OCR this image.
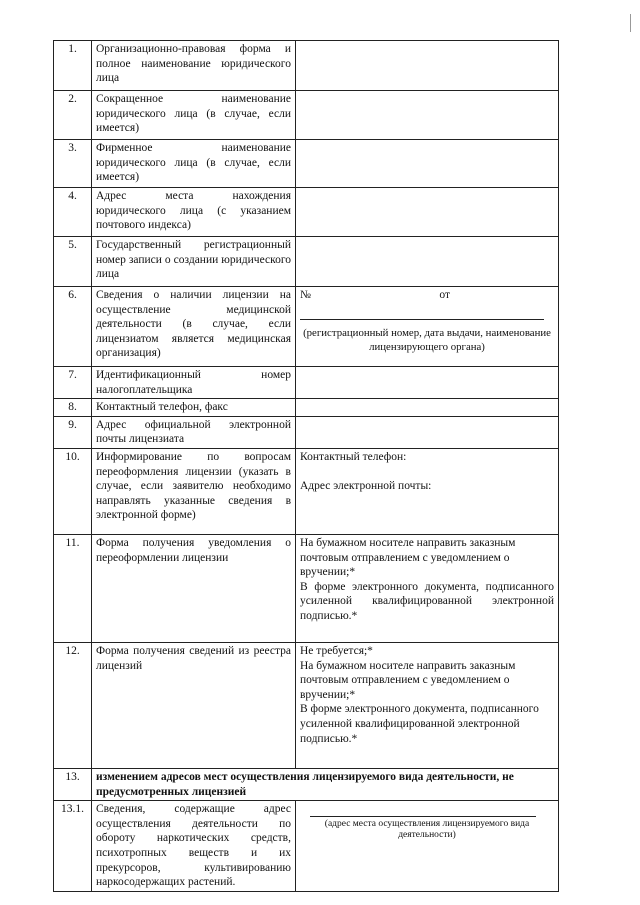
1.	Организационно-правовая форма и полное наименование юридического лица	
2.	Сокращенное наименование юридического лица (в случае, если имеется)	
3.	Фирменное наименование юридического лица (в случае, если имеется)	
4.	Адрес места нахождения юридического лица (с указанием почтового индекса)	
5.	Государственный регистрационный номер записи о создании юридического лица	
6.	Сведения о наличии лицензии на осуществление медицинской деятельности (в случае, если лицензиатом является медицинская организация)	№ от
(регистрационный номер, дата выдачи, наименование лицензирующего органа)

7.	Идентификационный номер налогоплательщика	
8.	Контактный телефон, факс	
9.	Адрес официальной электронной почты лицензиата	
10.	Информирование по вопросам переоформления лицензии (указать в случае, если заявителю необходимо направлять указанные сведения в электронной форме)	Контактный телефон:
Адрес электронной почты:

11.	Форма получения уведомления о переоформлении лицензии	На бумажном носителе направить заказным почтовым отправлением с уведомлением о вручении;*
В форме электронного документа, подписанного усиленной квалифицированной электронной подписью.*

12.	Форма получения сведений из реестра лицензий	Не требуется;*
На бумажном носителе направить заказным почтовым отправлением с уведомлением о вручении;*
В форме электронного документа, подписанного усиленной квалифицированной электронной подписью.*

13.	изменением адресов мест осуществления лицензируемого вида деятельности, не предусмотренных лицензией	
13.1.	Сведения, содержащие адрес осуществления деятельности по обороту наркотических средств, психотропных веществ и их прекурсоров, культивированию наркосодержащих растений.	(адрес места осуществления лицензируемого вида деятельности)
